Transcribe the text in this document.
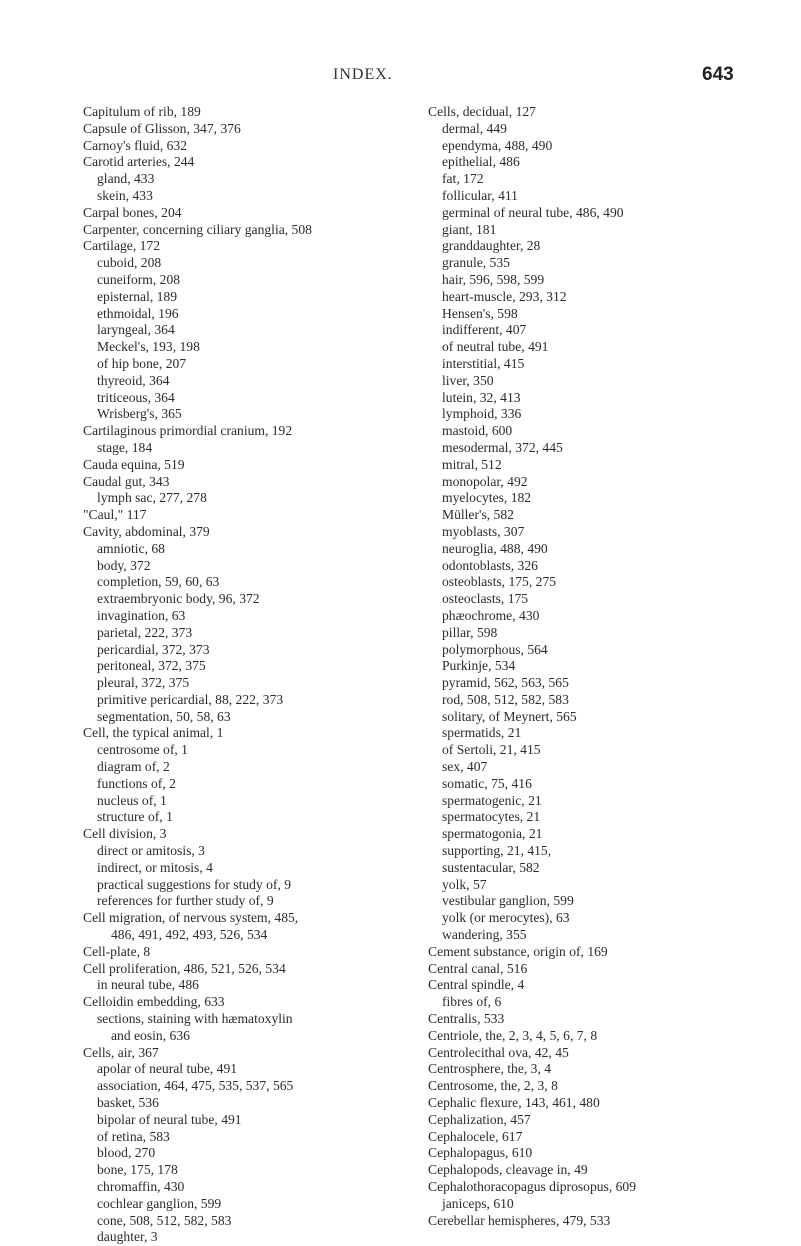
INDEX.	643
Capitulum of rib, 189
Capsule of Glisson, 347, 376
Carnoy's fluid, 632
Carotid arteries, 244
gland, 433
skein, 433
Carpal bones, 204
Carpenter, concerning ciliary ganglia, 508
Cartilage, 172
cuboid, 208
cuneiform, 208
episternal, 189
ethmoidal, 196
laryngeal, 364
Meckel's, 193, 198
of hip bone, 207
thyreoid, 364
triticeous, 364
Wrisberg's, 365
Cartilaginous primordial cranium, 192
stage, 184
Cauda equina, 519
Caudal gut, 343
lymph sac, 277, 278
"Caul," 117
Cavity, abdominal, 379
amniotic, 68
body, 372
completion, 59, 60, 63
extraembryonic body, 96, 372
invagination, 63
parietal, 222, 373
pericardial, 372, 373
peritoneal, 372, 375
pleural, 372, 375
primitive pericardial, 88, 222, 373
segmentation, 50, 58, 63
Cell, the typical animal, 1
centrosome of, 1
diagram of, 2
functions of, 2
nucleus of, 1
structure of, 1
Cell division, 3
direct or amitosis, 3
indirect, or mitosis, 4
practical suggestions for study of, 9
references for further study of, 9
Cell migration, of nervous system, 485,
486, 491, 492, 493, 526, 534
Cell-plate, 8
Cell proliferation, 486, 521, 526, 534
in neural tube, 486
Celloidin embedding, 633
sections, staining with hæmatoxylin
and eosin, 636
Cells, air, 367
apolar of neural tube, 491
association, 464, 475, 535, 537, 565
basket, 536
bipolar of neural tube, 491
of retina, 583
blood, 270
bone, 175, 178
chromaffin, 430
cochlear ganglion, 599
cone, 508, 512, 582, 583
daughter, 3
Cells, decidual, 127
dermal, 449
ependyma, 488, 490
epithelial, 486
fat, 172
follicular, 411
germinal of neural tube, 486, 490
giant, 181
granddaughter, 28
granule, 535
hair, 596, 598, 599
heart-muscle, 293, 312
Hensen's, 598
indifferent, 407
of neutral tube, 491
interstitial, 415
liver, 350
lutein, 32, 413
lymphoid, 336
mastoid, 600
mesodermal, 372, 445
mitral, 512
monopolar, 492
myelocytes, 182
Müller's, 582
myoblasts, 307
neuroglia, 488, 490
odontoblasts, 326
osteoblasts, 175, 275
osteoclasts, 175
phæochrome, 430
pillar, 598
polymorphous, 564
Purkinje, 534
pyramid, 562, 563, 565
rod, 508, 512, 582, 583
solitary, of Meynert, 565
spermatids, 21
of Sertoli, 21, 415
sex, 407
somatic, 75, 416
spermatogenic, 21
spermatocytes, 21
spermatogonia, 21
supporting, 21, 415,
sustentacular, 582
yolk, 57
vestibular ganglion, 599
yolk (or merocytes), 63
wandering, 355
Cement substance, origin of, 169
Central canal, 516
Central spindle, 4
fibres of, 6
Centralis, 533
Centriole, the, 2, 3, 4, 5, 6, 7, 8
Centrolecithal ova, 42, 45
Centrosphere, the, 3, 4
Centrosome, the, 2, 3, 8
Cephalic flexure, 143, 461, 480
Cephalization, 457
Cephalocele, 617
Cephalopagus, 610
Cephalopods, cleavage in, 49
Cephalothoracopagus diprosopus, 609
janiceps, 610
Cerebellar hemispheres, 479, 533
